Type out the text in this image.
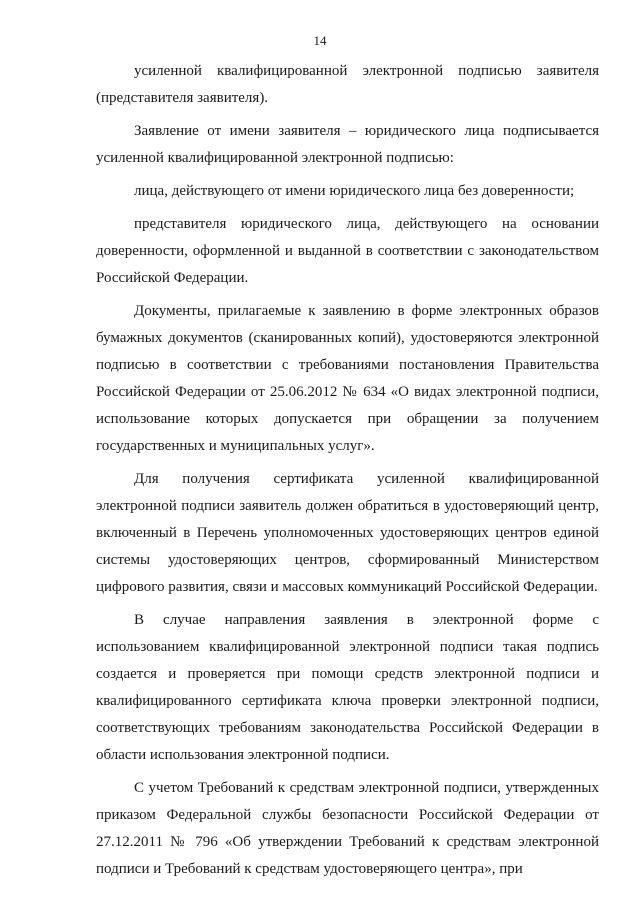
14

усиленной квалифицированной электронной подписью заявителя (представителя заявителя).

Заявление от имени заявителя – юридического лица подписывается усиленной квалифицированной электронной подписью:

лица, действующего от имени юридического лица без доверенности;

представителя юридического лица, действующего на основании доверенности, оформленной и выданной в соответствии с законодательством Российской Федерации.

Документы, прилагаемые к заявлению в форме электронных образов бумажных документов (сканированных копий), удостоверяются электронной подписью в соответствии с требованиями постановления Правительства Российской Федерации от 25.06.2012 № 634 «О видах электронной подписи, использование которых допускается при обращении за получением государственных и муниципальных услуг».

Для получения сертификата усиленной квалифицированной электронной подписи заявитель должен обратиться в удостоверяющий центр, включенный в Перечень уполномоченных удостоверяющих центров единой системы удостоверяющих центров, сформированный Министерством цифрового развития, связи и массовых коммуникаций Российской Федерации.

В случае направления заявления в электронной форме с использованием квалифицированной электронной подписи такая подпись создается и проверяется при помощи средств электронной подписи и квалифицированного сертификата ключа проверки электронной подписи, соответствующих требованиям законодательства Российской Федерации в области использования электронной подписи.

С учетом Требований к средствам электронной подписи, утвержденных приказом Федеральной службы безопасности Российской Федерации от 27.12.2011 № 796 «Об утверждении Требований к средствам электронной подписи и Требований к средствам удостоверяющего центра», при
